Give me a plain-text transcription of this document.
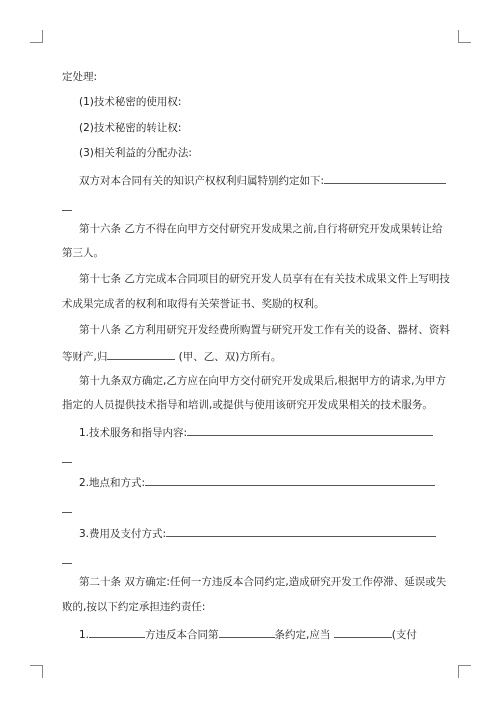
定处理:
(1)技术秘密的使用权:
(2)技术秘密的转让权:
(3)相关利益的分配办法:
双方对本合同有关的知识产权权利归属特别约定如下:
第十六条 乙方不得在向甲方交付研究开发成果之前,自行将研究开发成果转让给
第三人。
第十七条 乙方完成本合同项目的研究开发人员享有在有关技术成果文件上写明技
术成果完成者的权利和取得有关荣誉证书、奖励的权利。
第十八条 乙方利用研究开发经费所购置与研究开发工作有关的设备、器材、资料
等财产,归	(甲、乙、双)方所有。
第十九条双方确定,乙方应在向甲方交付研究开发成果后,根据甲方的请求,为甲方
指定的人员提供技术指导和培训,或提供与使用该研究开发成果相关的技术服务。
1.技术服务和指导内容:
2.地点和方式:
3.费用及支付方式:
第二十条 双方确定:任何一方违反本合同约定,造成研究开发工作停滞、延误或失
败的,按以下约定承担违约责任:
1.	方违反本合同第	条约定,应当	(支付
